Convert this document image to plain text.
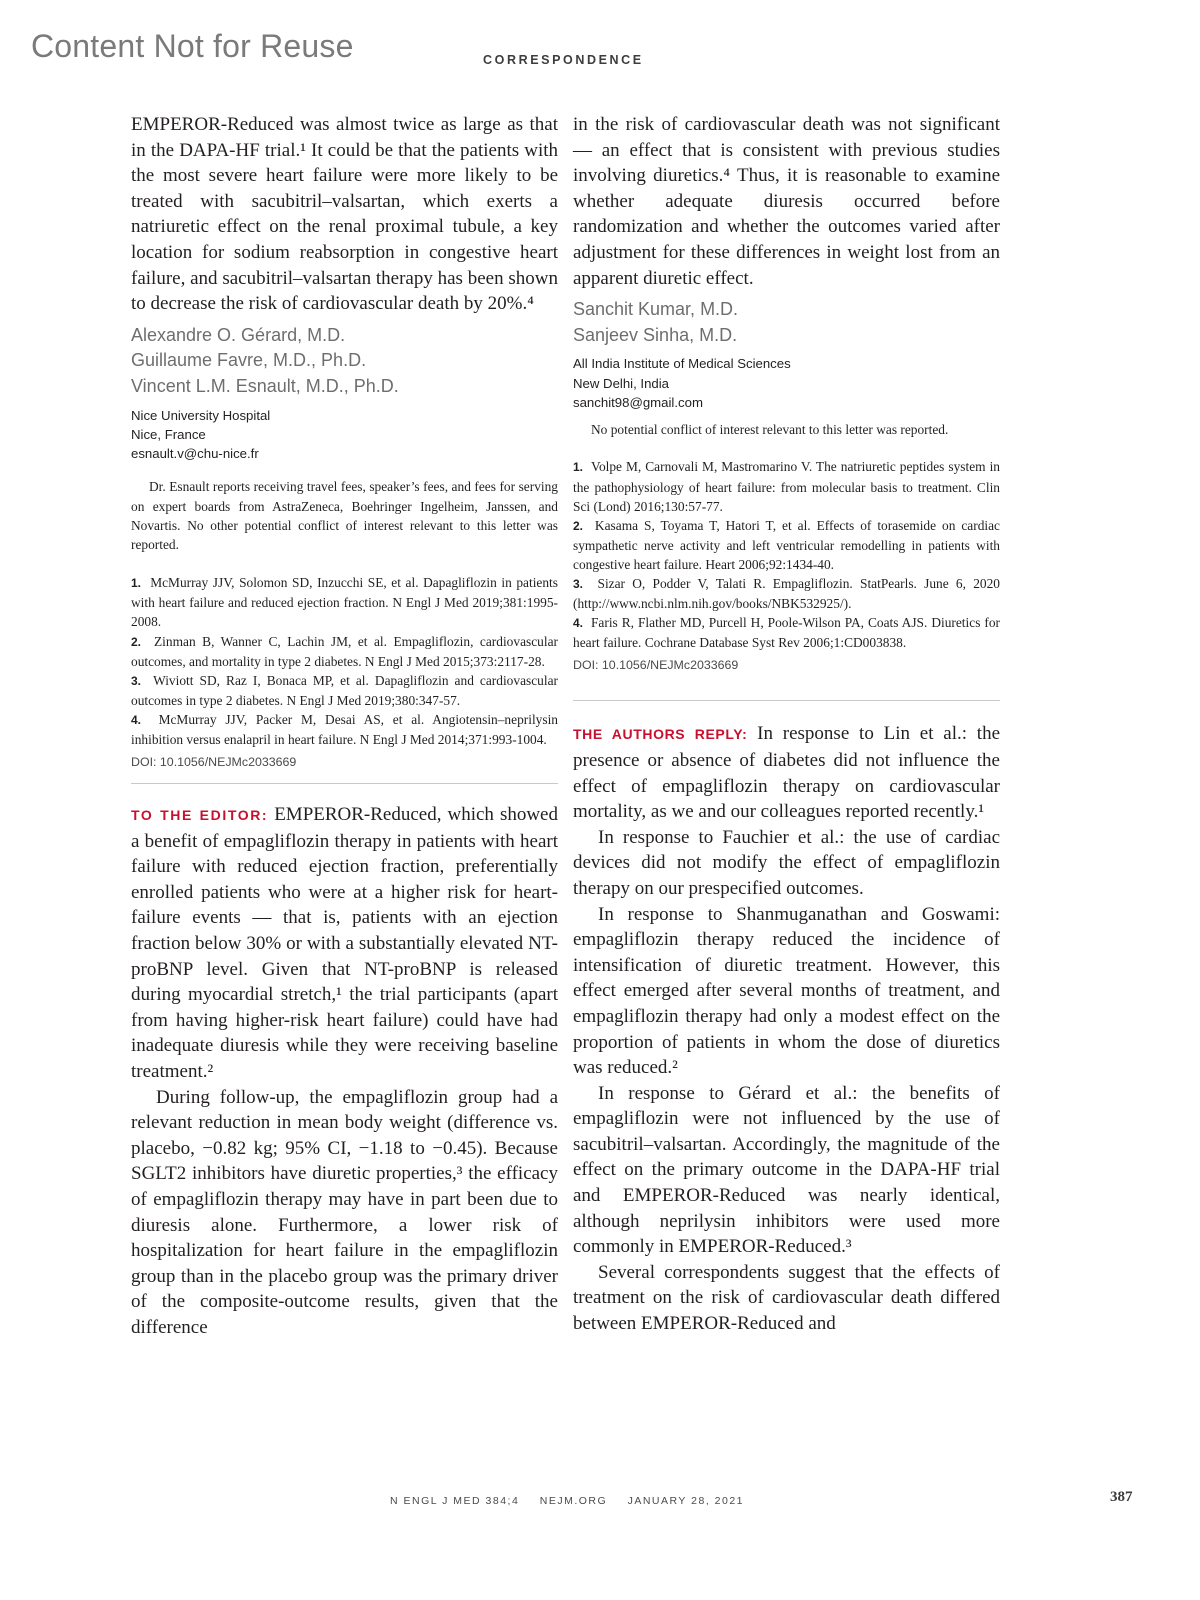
Content Not for Reuse	CORRESPONDENCE

EMPEROR-Reduced was almost twice as large as that in the DAPA-HF trial.¹ It could be that the patients with the most severe heart failure were more likely to be treated with sacubitril–valsartan, which exerts a natriuretic effect on the renal proximal tubule, a key location for sodium reabsorption in congestive heart failure, and sacubitril–valsartan therapy has been shown to decrease the risk of cardiovascular death by 20%.⁴

Alexandre O. Gérard, M.D.

Guillaume Favre, M.D., Ph.D.

Vincent L.M. Esnault, M.D., Ph.D.

Nice University Hospital

Nice, France

esnault.v@chu-nice.fr

Dr. Esnault reports receiving travel fees, speaker’s fees, and fees for serving on expert boards from AstraZeneca, Boehringer Ingelheim, Janssen, and Novartis. No other potential conflict of interest relevant to this letter was reported.

1. McMurray JJV, Solomon SD, Inzucchi SE, et al. Dapagliflozin in patients with heart failure and reduced ejection fraction. N Engl J Med 2019;381:1995-2008.
2. Zinman B, Wanner C, Lachin JM, et al. Empagliflozin, cardiovascular outcomes, and mortality in type 2 diabetes. N Engl J Med 2015;373:2117-28.
3. Wiviott SD, Raz I, Bonaca MP, et al. Dapagliflozin and cardiovascular outcomes in type 2 diabetes. N Engl J Med 2019;380:347-57.
4. McMurray JJV, Packer M, Desai AS, et al. Angiotensin–neprilysin inhibition versus enalapril in heart failure. N Engl J Med 2014;371:993-1004.

DOI: 10.1056/NEJMc2033669

TO THE EDITOR: EMPEROR-Reduced, which showed a benefit of empagliflozin therapy in patients with heart failure with reduced ejection fraction, preferentially enrolled patients who were at a higher risk for heart-failure events — that is, patients with an ejection fraction below 30% or with a substantially elevated NT-proBNP level. Given that NT-proBNP is released during myocardial stretch,¹ the trial participants (apart from having higher-risk heart failure) could have had inadequate diuresis while they were receiving baseline treatment.²

During follow-up, the empagliflozin group had a relevant reduction in mean body weight (difference vs. placebo, −0.82 kg; 95% CI, −1.18 to −0.45). Because SGLT2 inhibitors have diuretic properties,³ the efficacy of empagliflozin therapy may have in part been due to diuresis alone. Furthermore, a lower risk of hospitalization for heart failure in the empagliflozin group than in the placebo group was the primary driver of the composite-outcome results, given that the difference

in the risk of cardiovascular death was not significant — an effect that is consistent with previous studies involving diuretics.⁴ Thus, it is reasonable to examine whether adequate diuresis occurred before randomization and whether the outcomes varied after adjustment for these differences in weight lost from an apparent diuretic effect.

Sanchit Kumar, M.D.

Sanjeev Sinha, M.D.

All India Institute of Medical Sciences

New Delhi, India

sanchit98@gmail.com

No potential conflict of interest relevant to this letter was reported.

1. Volpe M, Carnovali M, Mastromarino V. The natriuretic peptides system in the pathophysiology of heart failure: from molecular basis to treatment. Clin Sci (Lond) 2016;130:57-77.
2. Kasama S, Toyama T, Hatori T, et al. Effects of torasemide on cardiac sympathetic nerve activity and left ventricular remodelling in patients with congestive heart failure. Heart 2006;92:1434-40.
3. Sizar O, Podder V, Talati R. Empagliflozin. StatPearls. June 6, 2020 (http://www.ncbi.nlm.nih.gov/books/NBK532925/).
4. Faris R, Flather MD, Purcell H, Poole-Wilson PA, Coats AJS. Diuretics for heart failure. Cochrane Database Syst Rev 2006;1:CD003838.

DOI: 10.1056/NEJMc2033669

THE AUTHORS REPLY: In response to Lin et al.: the presence or absence of diabetes did not influence the effect of empagliflozin therapy on cardiovascular mortality, as we and our colleagues reported recently.¹

In response to Fauchier et al.: the use of cardiac devices did not modify the effect of empagliflozin therapy on our prespecified outcomes.

In response to Shanmuganathan and Goswami: empagliflozin therapy reduced the incidence of intensification of diuretic treatment. However, this effect emerged after several months of treatment, and empagliflozin therapy had only a modest effect on the proportion of patients in whom the dose of diuretics was reduced.²

In response to Gérard et al.: the benefits of empagliflozin were not influenced by the use of sacubitril–valsartan. Accordingly, the magnitude of the effect on the primary outcome in the DAPA-HF trial and EMPEROR-Reduced was nearly identical, although neprilysin inhibitors were used more commonly in EMPEROR-Reduced.³

Several correspondents suggest that the effects of treatment on the risk of cardiovascular death differed between EMPEROR-Reduced and

N ENGL J MED 384;4 NEJM.ORG JANUARY 28, 2021	387
